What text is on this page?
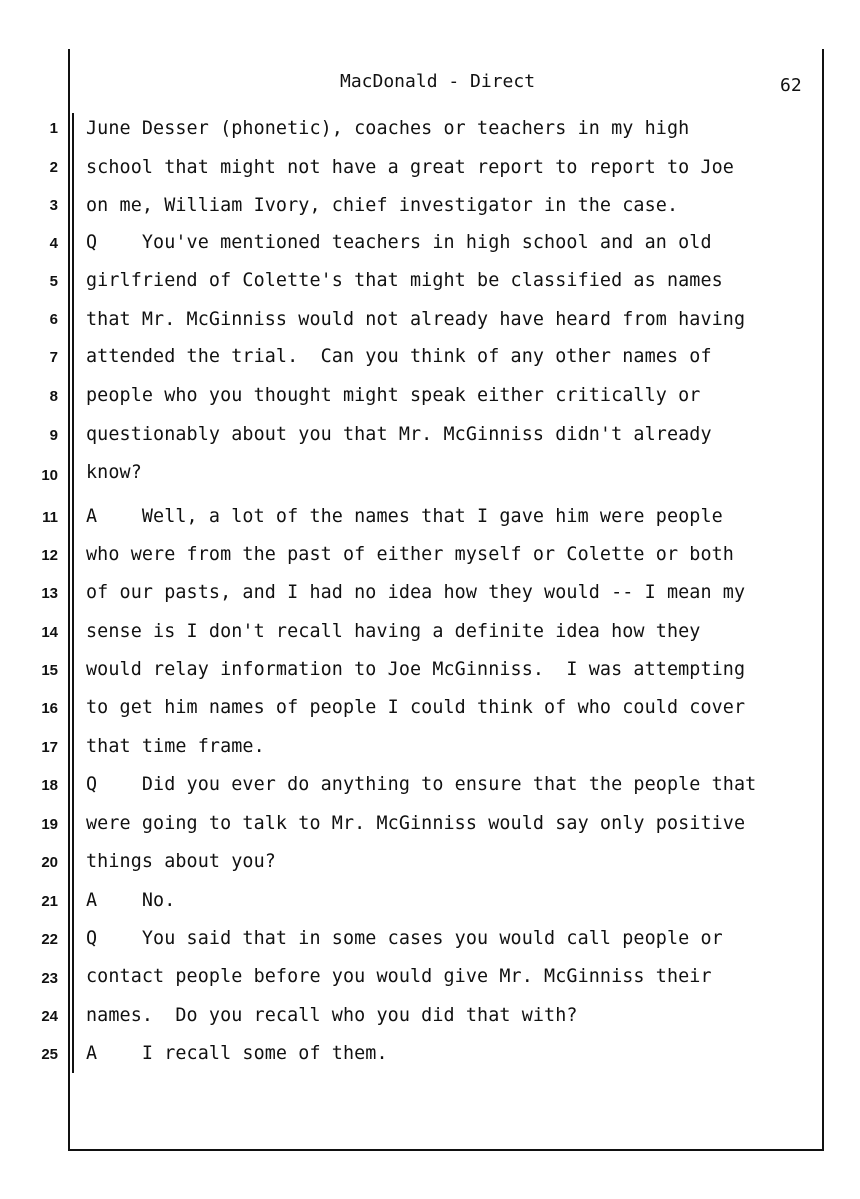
MacDonald - Direct	62
1 June Desser (phonetic), coaches or teachers in my high
2 school that might not have a great report to report to Joe
3 on me, William Ivory, chief investigator in the case.
4 Q    You've mentioned teachers in high school and an old
5 girlfriend of Colette's that might be classified as names
6 that Mr. McGinniss would not already have heard from having
7 attended the trial.  Can you think of any other names of
8 people who you thought might speak either critically or
9 questionably about you that Mr. McGinniss didn't already
10 know?
11 A    Well, a lot of the names that I gave him were people
12 who were from the past of either myself or Colette or both
13 of our pasts, and I had no idea how they would -- I mean my
14 sense is I don't recall having a definite idea how they
15 would relay information to Joe McGinniss.  I was attempting
16 to get him names of people I could think of who could cover
17 that time frame.
18 Q    Did you ever do anything to ensure that the people that
19 were going to talk to Mr. McGinniss would say only positive
20 things about you?
21 A    No.
22 Q    You said that in some cases you would call people or
23 contact people before you would give Mr. McGinniss their
24 names.  Do you recall who you did that with?
25 A    I recall some of them.
